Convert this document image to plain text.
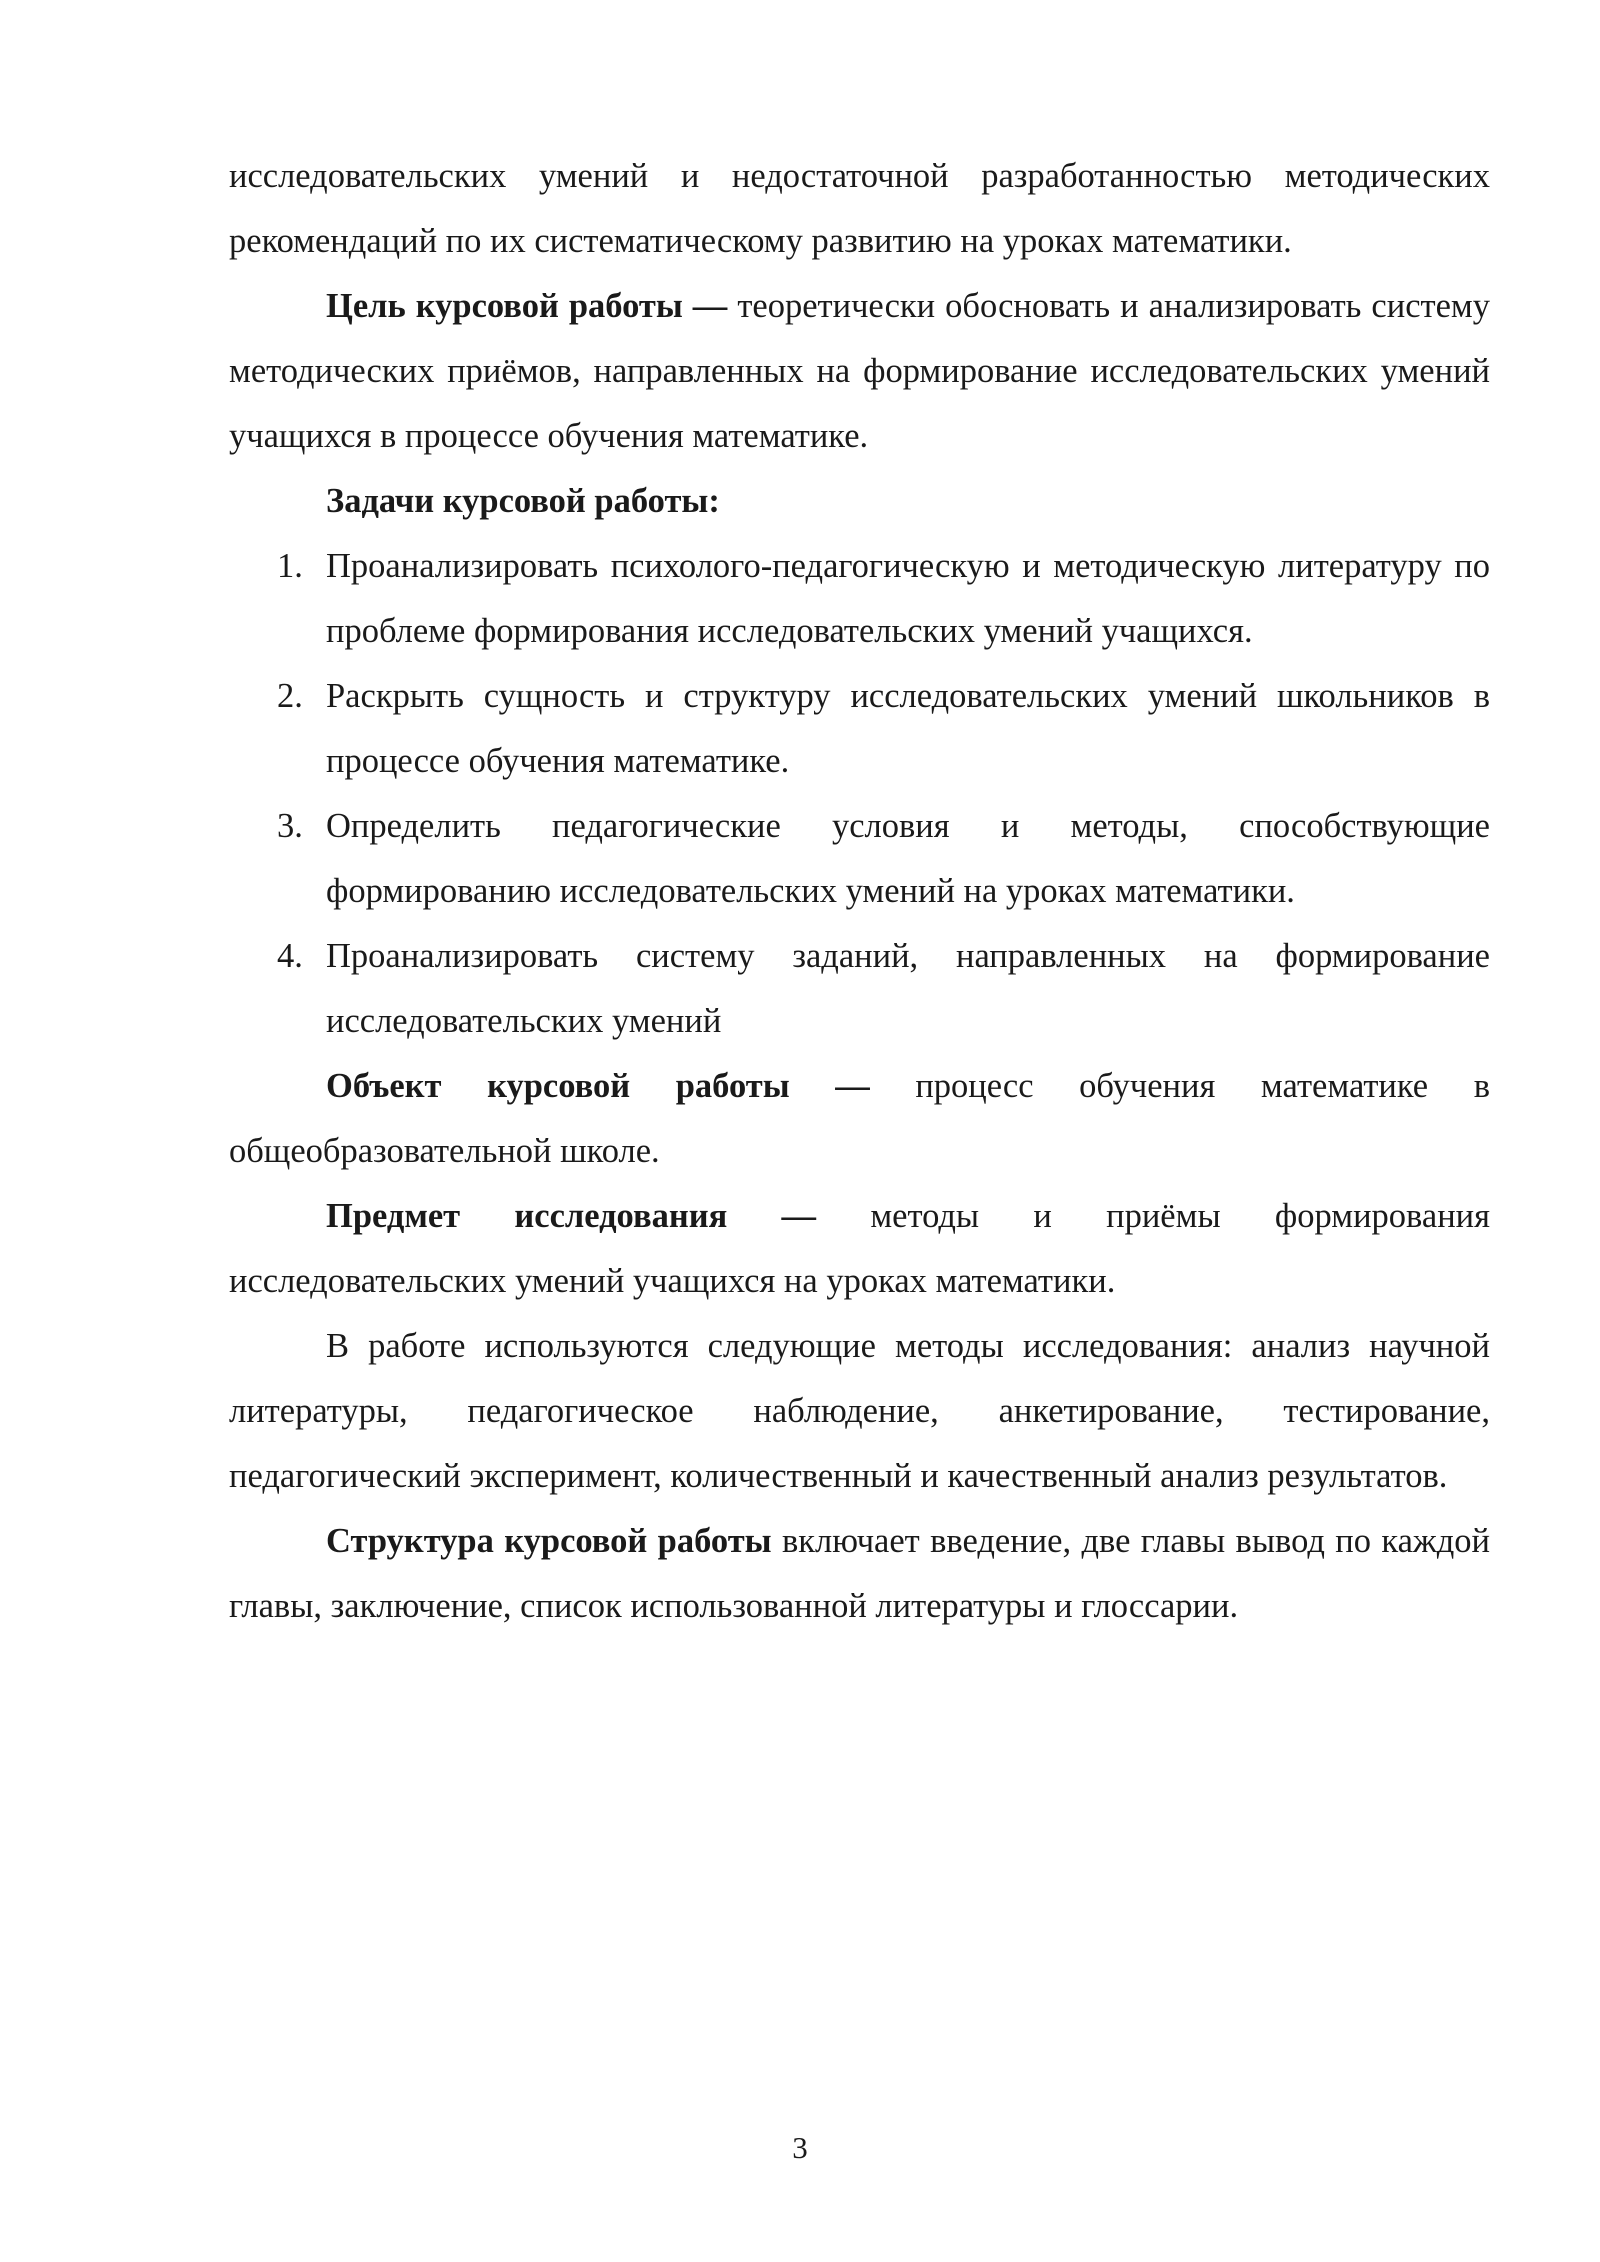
исследовательских умений и недостаточной разработанностью методических рекомендаций по их систематическому развитию на уроках математики.

Цель курсовой работы — теоретически обосновать и анализировать систему методических приёмов, направленных на формирование исследовательских умений учащихся в процессе обучения математике.

Задачи курсовой работы:

1. Проанализировать психолого-педагогическую и методическую литературу по проблеме формирования исследовательских умений учащихся.
2. Раскрыть сущность и структуру исследовательских умений школьников в процессе обучения математике.
3. Определить педагогические условия и методы, способствующие формированию исследовательских умений на уроках математики.
4. Проанализировать систему заданий, направленных на формирование исследовательских умений

Объект курсовой работы — процесс обучения математике в общеобразовательной школе.

Предмет исследования — методы и приёмы формирования исследовательских умений учащихся на уроках математики.

В работе используются следующие методы исследования: анализ научной литературы, педагогическое наблюдение, анкетирование, тестирование, педагогический эксперимент, количественный и качественный анализ результатов.

Структура курсовой работы включает введение, две главы вывод по каждой главы, заключение, список использованной литературы и глоссарии.

3
